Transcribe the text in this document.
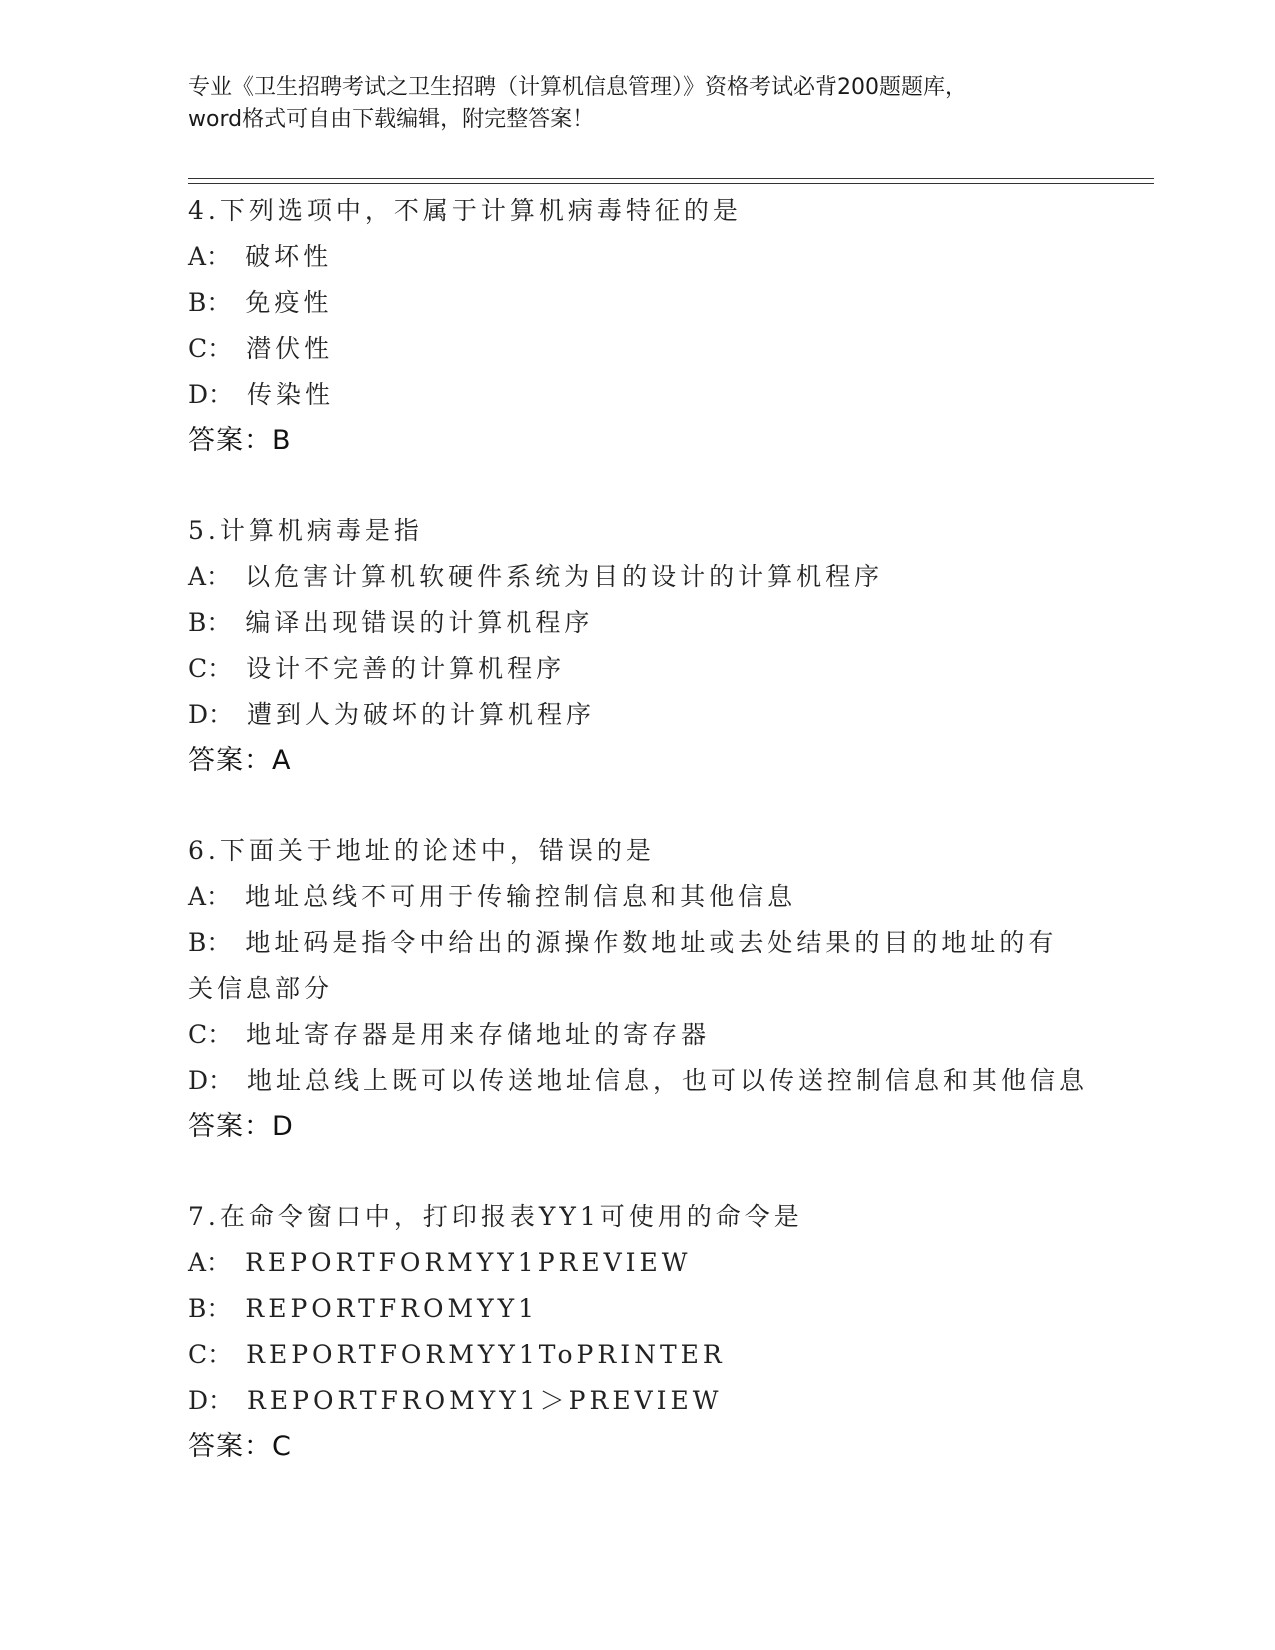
专业《卫生招聘考试之卫生招聘（计算机信息管理）》资格考试必背200题题库，
word格式可自由下载编辑，附完整答案！
4.下列选项中，不属于计算机病毒特征的是
A： 破坏性
B： 免疫性
C： 潜伏性
D： 传染性
答案：B
5.计算机病毒是指
A： 以危害计算机软硬件系统为目的设计的计算机程序
B： 编译出现错误的计算机程序
C： 设计不完善的计算机程序
D： 遭到人为破坏的计算机程序
答案：A
6.下面关于地址的论述中，错误的是
A： 地址总线不可用于传输控制信息和其他信息
B： 地址码是指令中给出的源操作数地址或去处结果的目的地址的有关信息部分
C： 地址寄存器是用来存储地址的寄存器
D： 地址总线上既可以传送地址信息，也可以传送控制信息和其他信息
答案：D
7.在命令窗口中，打印报表YY1可使用的命令是
A： REPORTFORMYY1PREVIEW
B： REPORTFROMYY1
C： REPORTFORMYY1ToPRINTER
D： REPORTFROMYY1＞PREVIEW
答案：C
